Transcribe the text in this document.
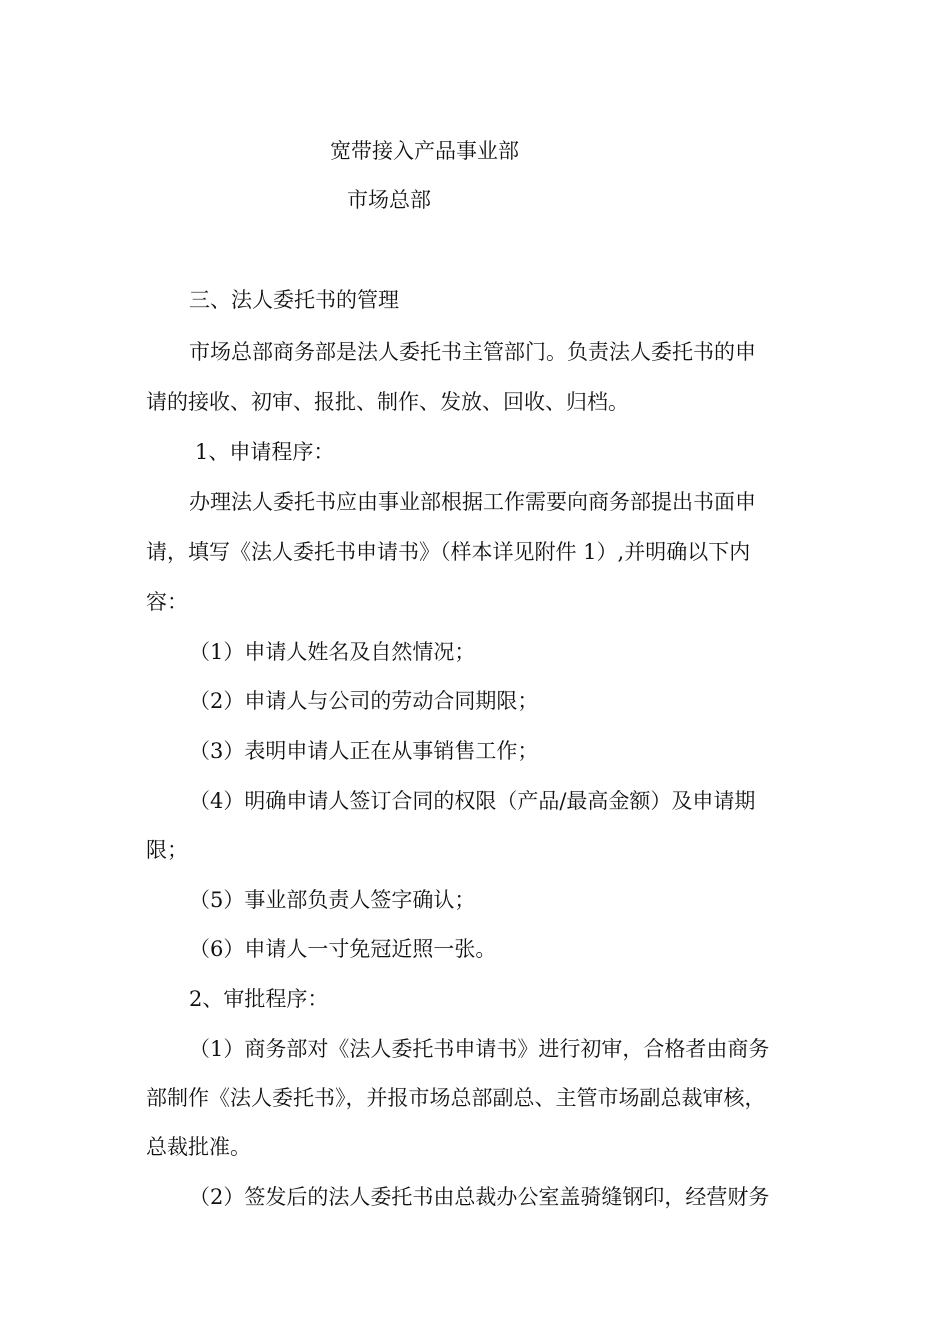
宽带接入产品事业部
市场总部
三、法人委托书的管理
市场总部商务部是法人委托书主管部门。负责法人委托书的申
请的接收、初审、报批、制作、发放、回收、归档。
1、申请程序：
办理法人委托书应由事业部根据工作需要向商务部提出书面申
请，填写《法人委托书申请书》（样本详见附件 1）,并明确以下内
容：
（1）申请人姓名及自然情况；
（2）申请人与公司的劳动合同期限；
（3）表明申请人正在从事销售工作；
（4）明确申请人签订合同的权限（产品/最高金额）及申请期
限；
（5）事业部负责人签字确认；
（6）申请人一寸免冠近照一张。
2、审批程序：
（1）商务部对《法人委托书申请书》进行初审，合格者由商务
部制作《法人委托书》，并报市场总部副总、主管市场副总裁审核，
总裁批准。
（2）签发后的法人委托书由总裁办公室盖骑缝钢印，经营财务
